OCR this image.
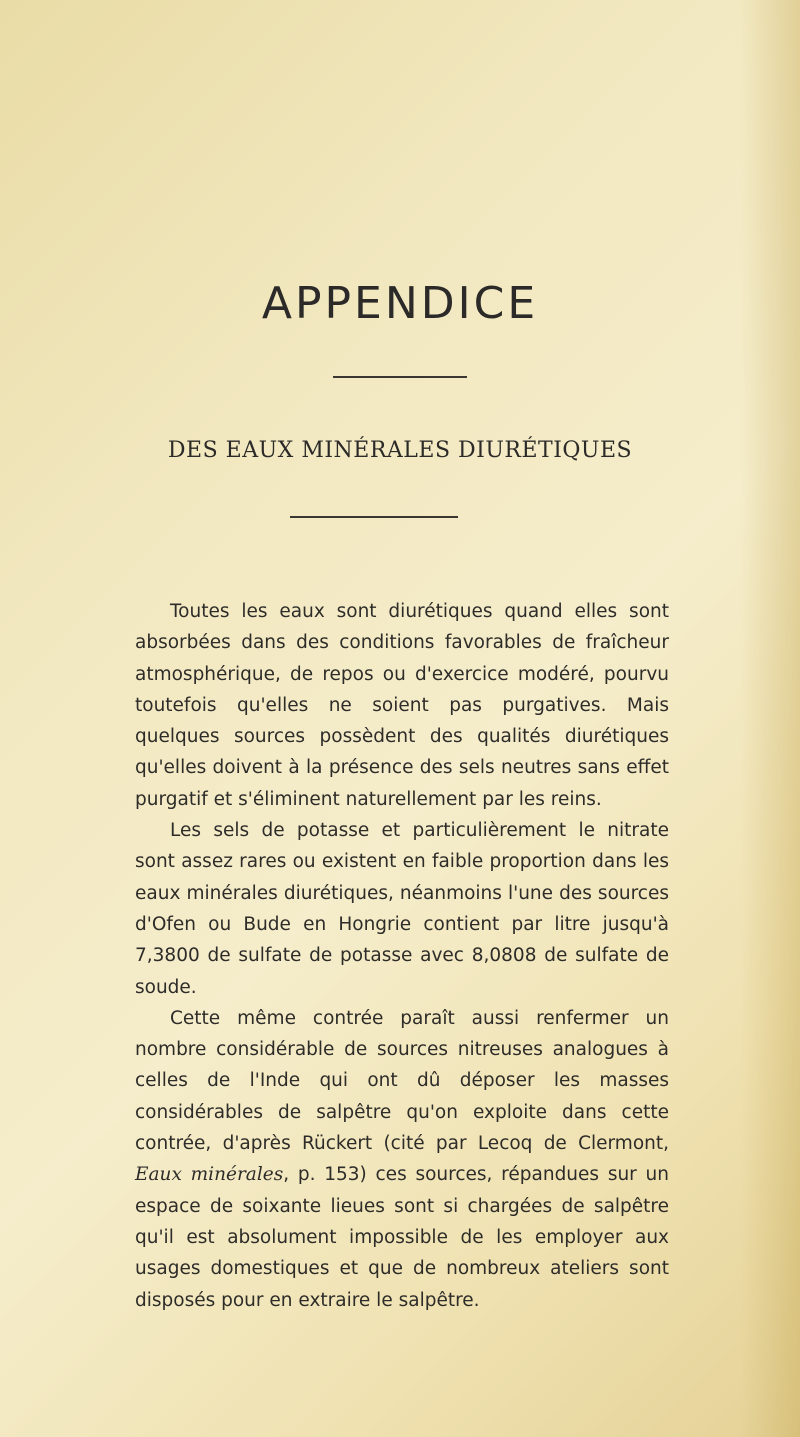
APPENDICE
DES EAUX MINÉRALES DIURÉTIQUES

Toutes les eaux sont diurétiques quand elles sont absorbées dans des conditions favorables de fraîcheur atmosphérique, de repos ou d'exercice modéré, pourvu toutefois qu'elles ne soient pas purgatives. Mais quelques sources possèdent des qualités diurétiques qu'elles doivent à la présence des sels neutres sans effet purgatif et s'éliminent naturellement par les reins.

Les sels de potasse et particulièrement le nitrate sont assez rares ou existent en faible proportion dans les eaux minérales diurétiques, néanmoins l'une des sources d'Ofen ou Bude en Hongrie contient par litre jusqu'à 7,3800 de sulfate de potasse avec 8,0808 de sulfate de soude.

Cette même contrée paraît aussi renfermer un nombre considérable de sources nitreuses analogues à celles de l'Inde qui ont dû déposer les masses considérables de salpêtre qu'on exploite dans cette contrée, d'après Rückert (cité par Lecoq de Clermont, Eaux minérales, p. 153) ces sources, répandues sur un espace de soixante lieues sont si chargées de salpêtre qu'il est absolument impossible de les employer aux usages domestiques et que de nombreux ateliers sont disposés pour en extraire le salpêtre.
